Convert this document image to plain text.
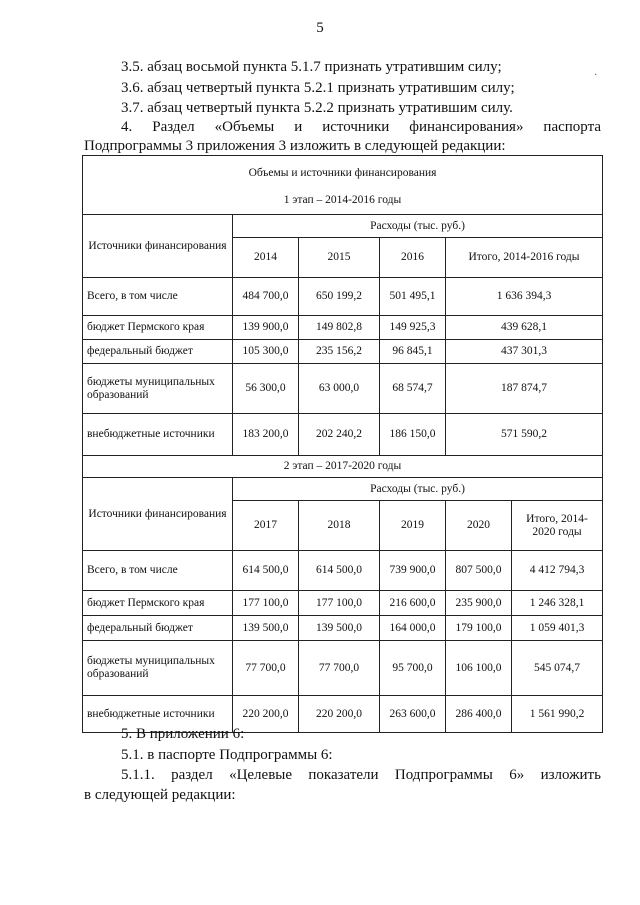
5
·
3.5. абзац восьмой пункта 5.1.7 признать утратившим силу;
3.6. абзац четвертый пункта 5.2.1 признать утратившим силу;
3.7. абзац четвертый пункта 5.2.2 признать утратившим силу.
4. Раздел «Объемы и источники финансирования» паспорта
Подпрограммы 3 приложения 3 изложить в следующей редакции:
Объемы и источники финансирования
1 этап – 2014-2016 годы					

Источники финансирования	Расходы (тыс. руб.)				
	2014	2015	2016	Итого, 2014-2016 годы	
Всего, в том числе	484 700,0	650 199,2	501 495,1	1 636 394,3	
бюджет Пермского края	139 900,0	149 802,8	149 925,3	439 628,1	
федеральный бюджет	105 300,0	235 156,2	96 845,1	437 301,3	
бюджеты муниципальных образований	56 300,0	63 000,0	68 574,7	187 874,7	
внебюджетные источники	183 200,0	202 240,2	186 150,0	571 590,2	
2 этап – 2017-2020 годы					
Источники финансирования	Расходы (тыс. руб.)				
	2017	2018	2019	2020	Итого, 2014-2020 годы
Всего, в том числе	614 500,0	614 500,0	739 900,0	807 500,0	4 412 794,3
бюджет Пермского края	177 100,0	177 100,0	216 600,0	235 900,0	1 246 328,1
федеральный бюджет	139 500,0	139 500,0	164 000,0	179 100,0	1 059 401,3
бюджеты муниципальных образований	77 700,0	77 700,0	95 700,0	106 100,0	545 074,7
внебюджетные источники	220 200,0	220 200,0	263 600,0	286 400,0	1 561 990,2
5. В приложении 6:
5.1. в паспорте Подпрограммы 6:
5.1.1. раздел «Целевые показатели Подпрограммы 6» изложить
в следующей редакции:
